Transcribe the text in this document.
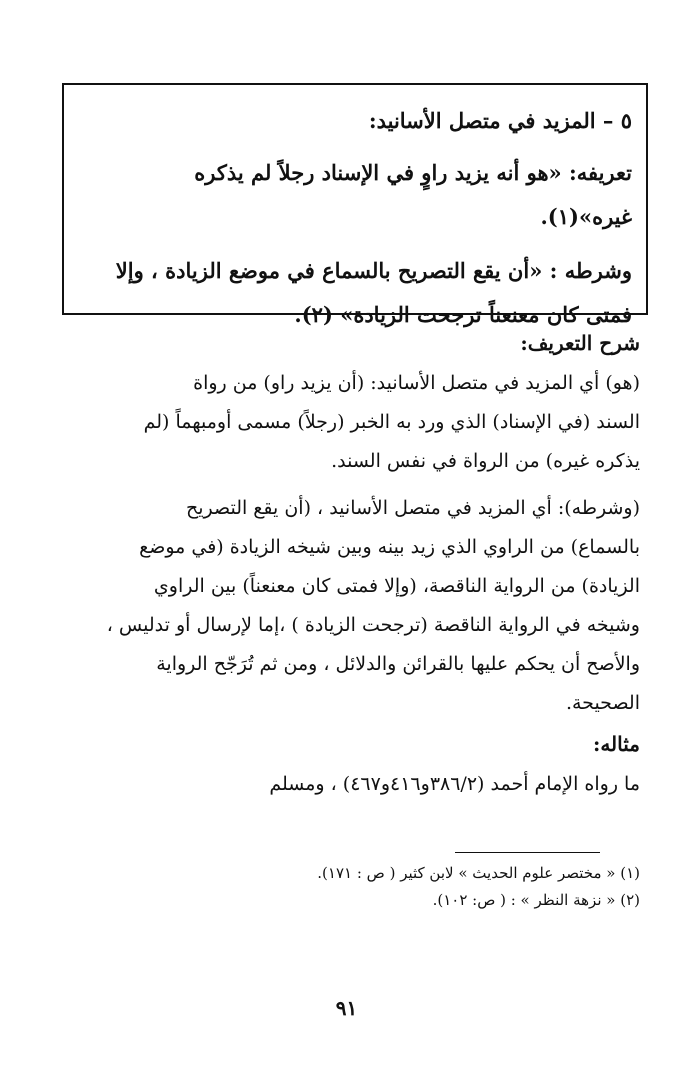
٥ – المزيد في متصل الأسانيد:
تعريفه: «هو أنه يزيد راوٍ في الإسناد رجلاً لم يذكره
غيره»(١).
وشرطه : «أن يقع التصريح بالسماع في موضع الزيادة ، وإلا
فمتى كان معنعناً ترجحت الزيادة» (٢).
شرح التعريف:
(هو) أي المزيد في متصل الأسانيد: (أن يزيد راو) من رواة
السند (في الإسناد) الذي ورد به الخبر (رجلاً) مسمى أومبهماً (لم
يذكره غيره) من الرواة في نفس السند.
(وشرطه): أي المزيد في متصل الأسانيد ، (أن يقع التصريح
بالسماع) من الراوي الذي زيد بينه وبين شيخه الزيادة (في موضع
الزيادة) من الرواية الناقصة، (وإلا فمتى كان معنعناً) بين الراوي
وشيخه في الرواية الناقصة (ترجحت الزيادة ) ،إما لإرسال أو تدليس ،
والأصح أن يحكم عليها بالقرائن والدلائل ، ومن ثم تُرَجّح الرواية
الصحيحة.
مثاله:
ما رواه الإمام أحمد (٣٨٦/٢و٤١٦و٤٦٧) ، ومسلم
(١) « مختصر علوم الحديث » لابن كثير ( ص : ١٧١).
(٢) « نزهة النظر » : ( ص: ١٠٢).
٩١
